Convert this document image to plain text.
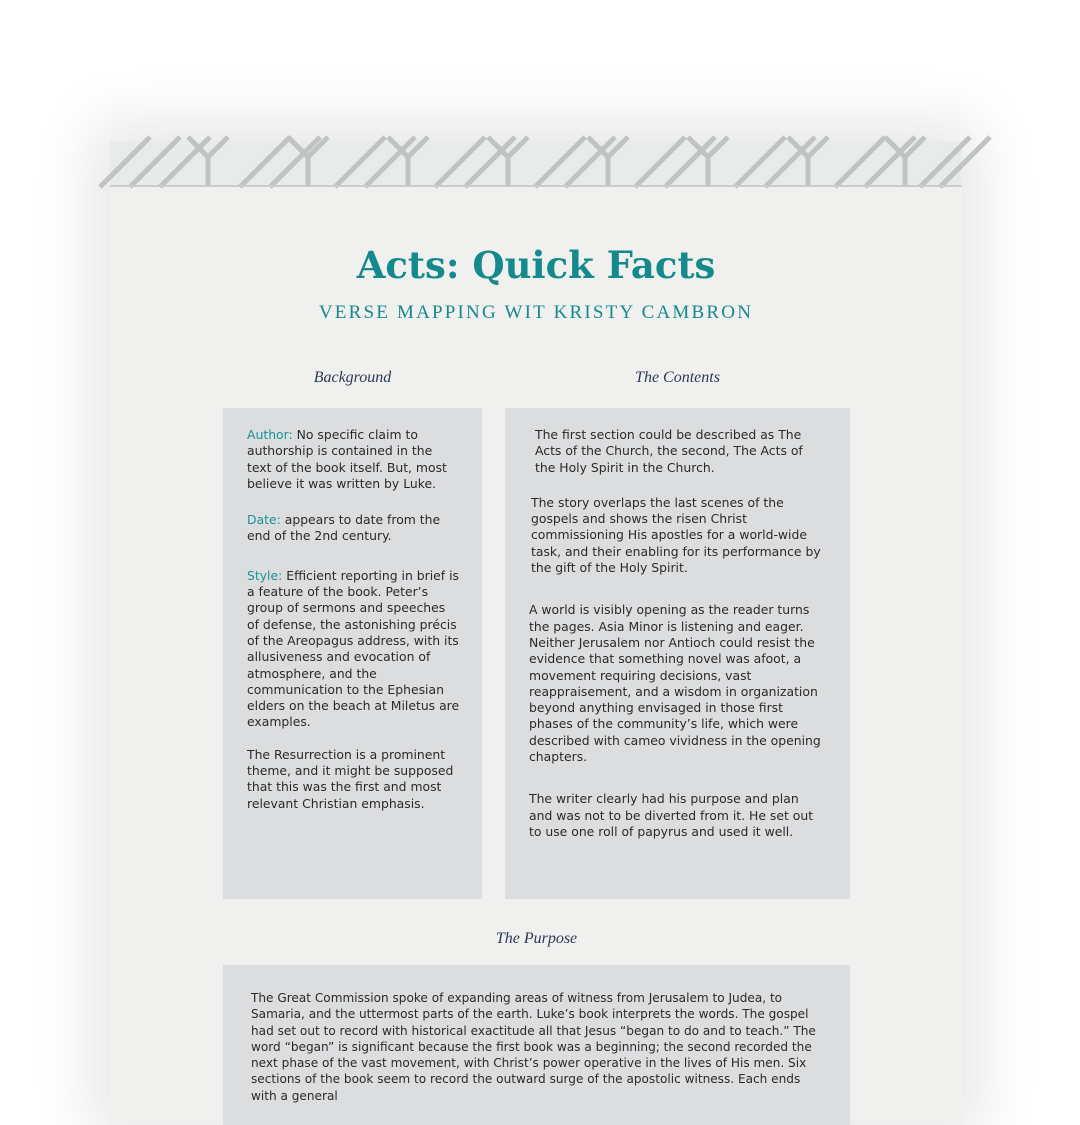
Acts: Quick Facts
VERSE MAPPING WIT KRISTY CAMBRON
Background	The Contents

Author: No specific claim to authorship is contained in the text of the book itself. But, most believe it was written by Luke.

Date: appears to date from the end of the 2nd century.

Style: Efficient reporting in brief is a feature of the book. Peter’s group of sermons and speeches of defense, the astonishing précis of the Areopagus address, with its allusiveness and evocation of atmosphere, and the communication to the Ephesian elders on the beach at Miletus are examples.

The Resurrection is a prominent theme, and it might be supposed that this was the first and most relevant Christian emphasis.

The first section could be described as The Acts of the Church, the second, The Acts of the Holy Spirit in the Church.

The story overlaps the last scenes of the gospels and shows the risen Christ commissioning His apostles for a world-wide task, and their enabling for its performance by the gift of the Holy Spirit.

A world is visibly opening as the reader turns the pages. Asia Minor is listening and eager. Neither Jerusalem nor Antioch could resist the evidence that something novel was afoot, a movement requiring decisions, vast reappraisement, and a wisdom in organization beyond anything envisaged in those first phases of the community’s life, which were described with cameo vividness in the opening chapters.

The writer clearly had his purpose and plan and was not to be diverted from it. He set out to use one roll of papyrus and used it well.

The Purpose

The Great Commission spoke of expanding areas of witness from Jerusalem to Judea, to Samaria, and the uttermost parts of the earth. Luke’s book interprets the words. The gospel had set out to record with historical exactitude all that Jesus “began to do and to teach.” The word “began” is significant because the first book was a beginning; the second recorded the next phase of the vast movement, with Christ’s power operative in the lives of His men. Six sections of the book seem to record the outward surge of the apostolic witness. Each ends with a general
